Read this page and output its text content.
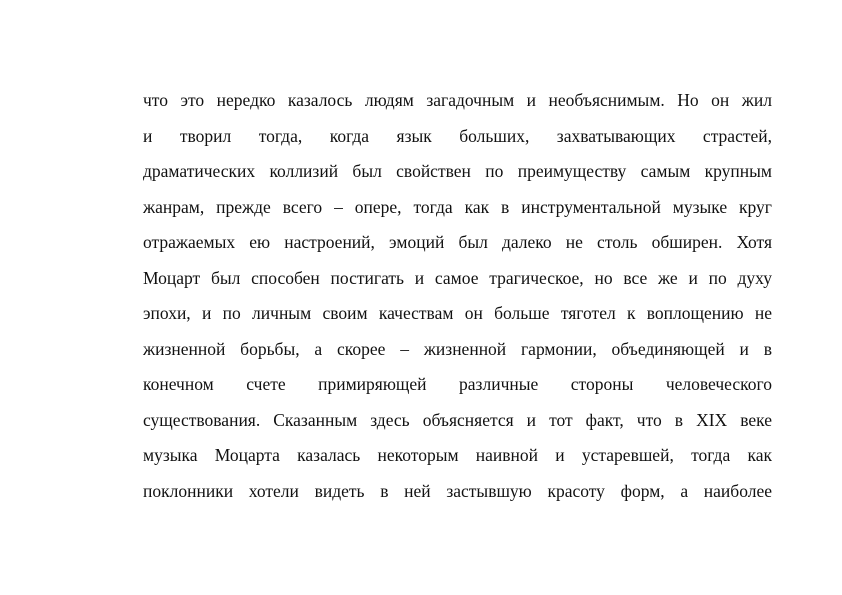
что это нередко казалось людям загадочным и необъяснимым. Но он жил
и творил тогда, когда язык больших, захватывающих страстей,
драматических коллизий был свойствен по преимуществу самым крупным
жанрам, прежде всего – опере, тогда как в инструментальной музыке круг
отражаемых ею настроений, эмоций был далеко не столь обширен. Хотя
Моцарт был способен постигать и самое трагическое, но все же и по духу
эпохи, и по личным своим качествам он больше тяготел к воплощению не
жизненной борьбы, а скорее – жизненной гармонии, объединяющей и в
конечном счете примиряющей различные стороны человеческого
существования. Сказанным здесь объясняется и тот факт, что в XIX веке
музыка Моцарта казалась некоторым наивной и устаревшей, тогда как
поклонники хотели видеть в ней застывшую красоту форм, а наиболее
